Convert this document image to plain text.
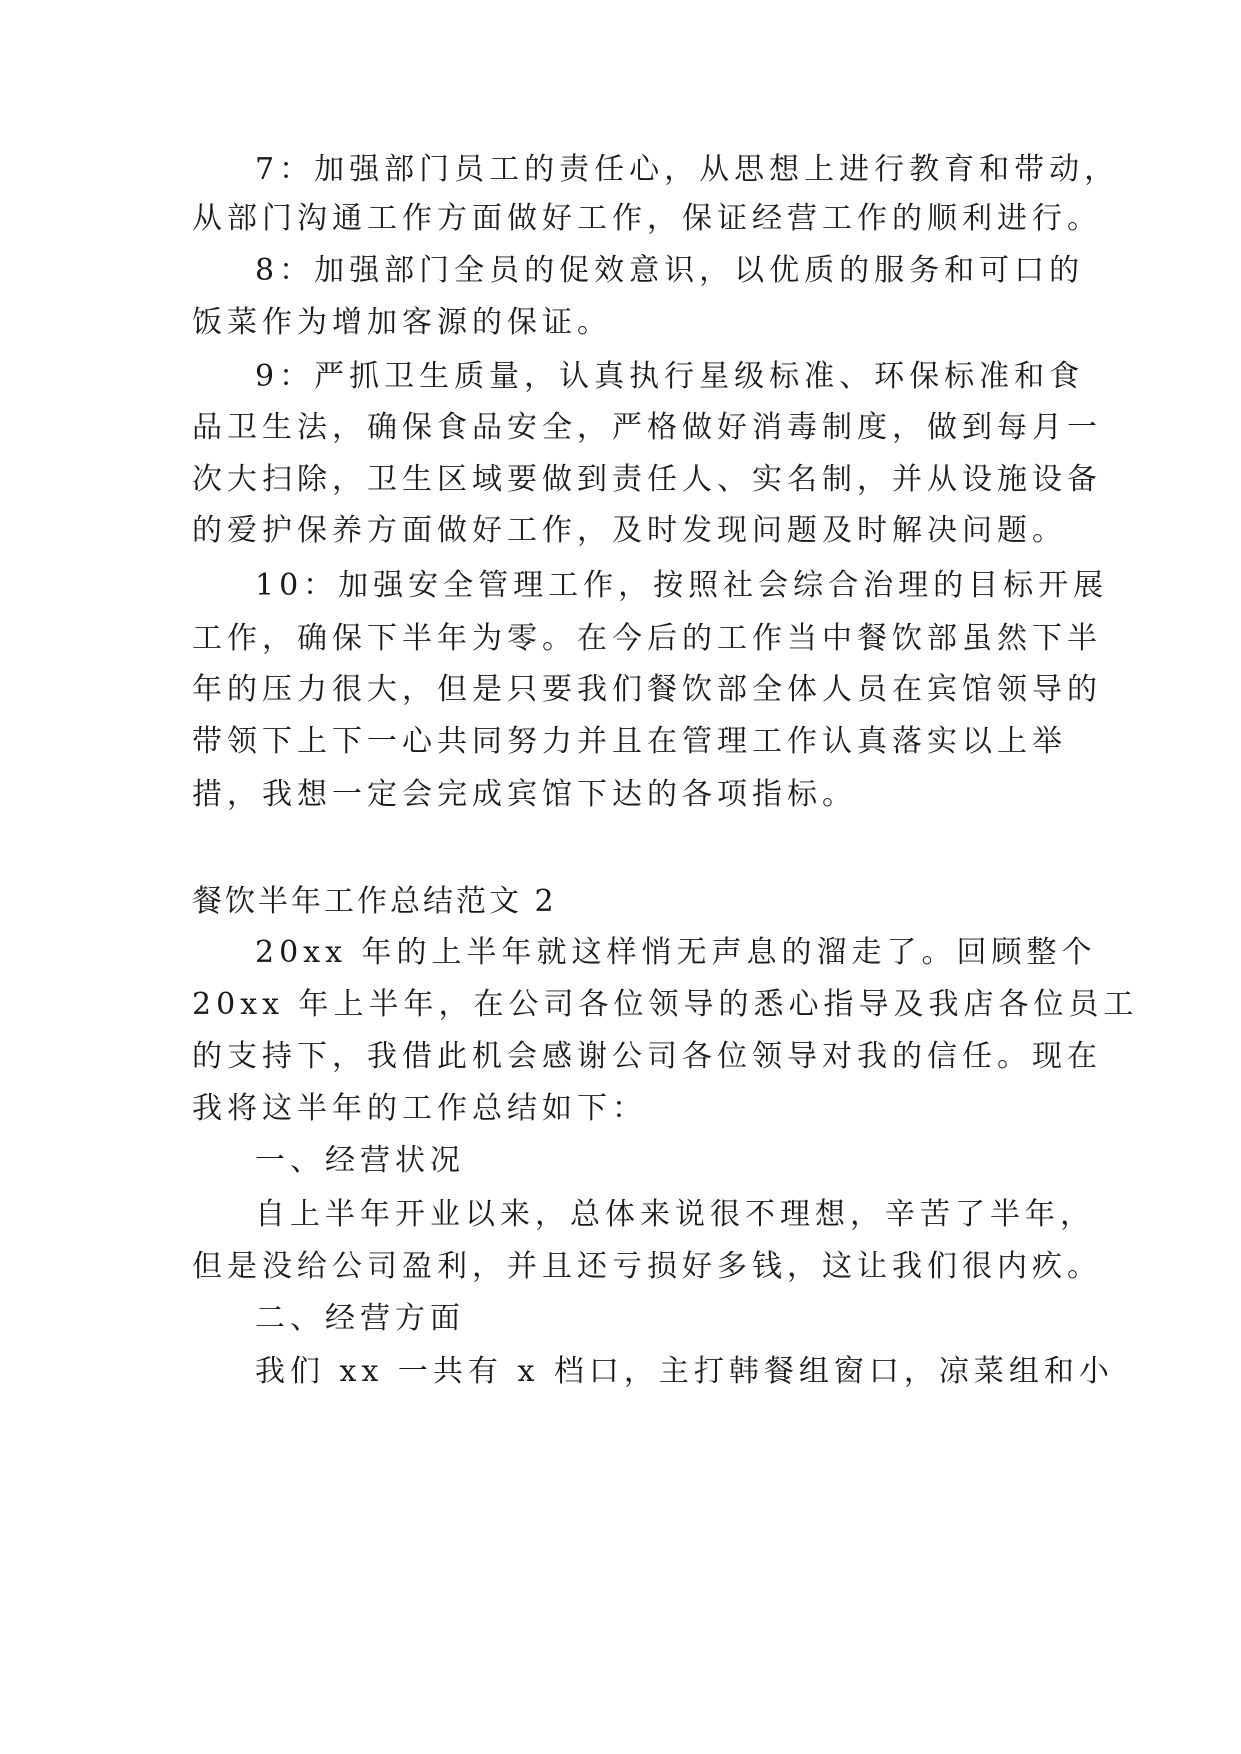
7：加强部门员工的责任心，从思想上进行教育和带动，
从部门沟通工作方面做好工作，保证经营工作的顺利进行。
8：加强部门全员的促效意识，以优质的服务和可口的
饭菜作为增加客源的保证。
9：严抓卫生质量，认真执行星级标准、环保标准和食
品卫生法，确保食品安全，严格做好消毒制度，做到每月一
次大扫除，卫生区域要做到责任人、实名制，并从设施设备
的爱护保养方面做好工作，及时发现问题及时解决问题。
10：加强安全管理工作，按照社会综合治理的目标开展
工作，确保下半年为零。在今后的工作当中餐饮部虽然下半
年的压力很大，但是只要我们餐饮部全体人员在宾馆领导的
带领下上下一心共同努力并且在管理工作认真落实以上举
措，我想一定会完成宾馆下达的各项指标。
餐饮半年工作总结范文 2
20xx 年的上半年就这样悄无声息的溜走了。回顾整个
20xx 年上半年，在公司各位领导的悉心指导及我店各位员工
的支持下，我借此机会感谢公司各位领导对我的信任。现在
我将这半年的工作总结如下：
一、经营状况
自上半年开业以来，总体来说很不理想，辛苦了半年，
但是没给公司盈利，并且还亏损好多钱，这让我们很内疚。
二、经营方面
我们 xx 一共有 x 档口，主打韩餐组窗口，凉菜组和小
